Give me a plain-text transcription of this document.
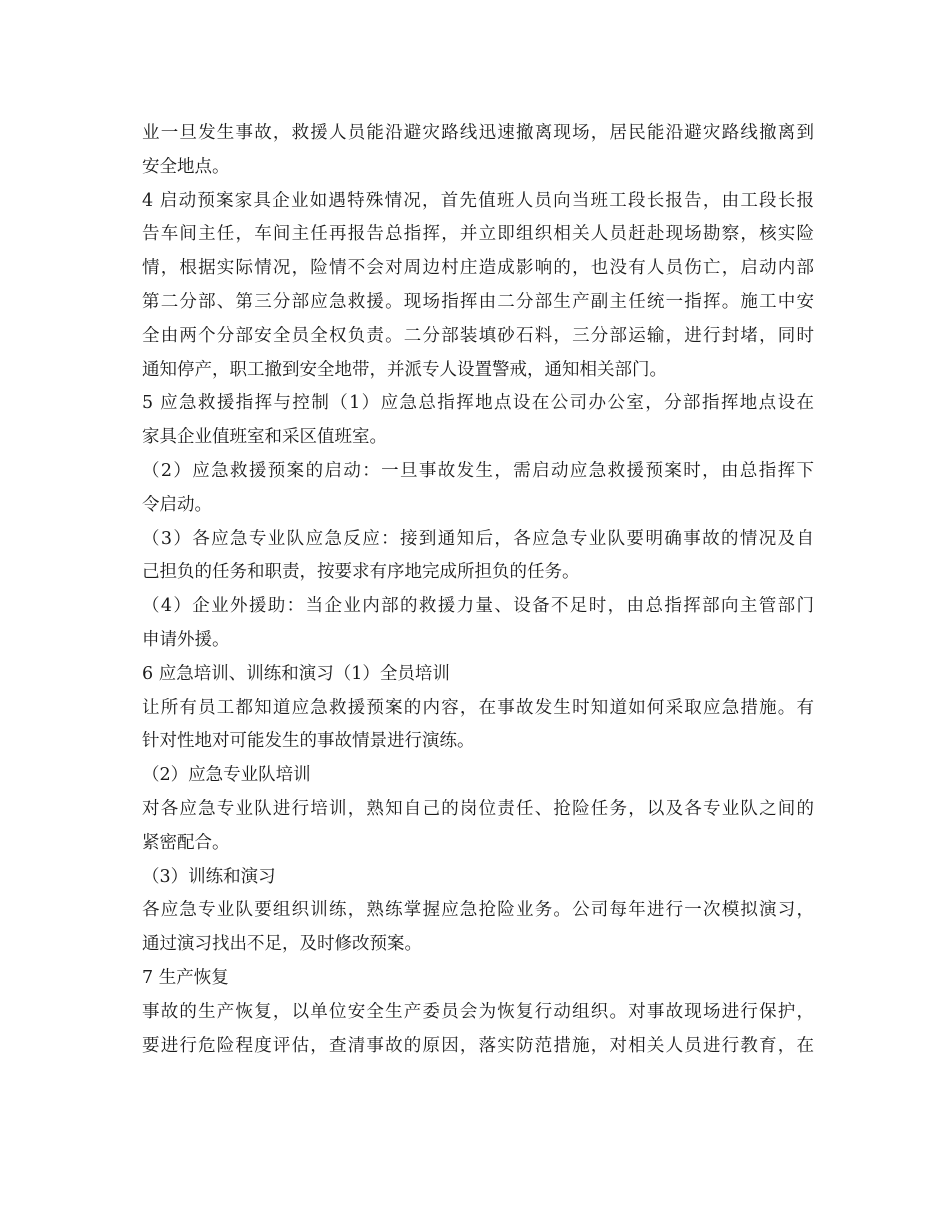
业一旦发生事故，救援人员能沿避灾路线迅速撤离现场，居民能沿避灾路线撤离到
安全地点。
4 启动预案家具企业如遇特殊情况，首先值班人员向当班工段长报告，由工段长报
告车间主任，车间主任再报告总指挥，并立即组织相关人员赶赴现场勘察，核实险
情，根据实际情况，险情不会对周边村庄造成影响的，也没有人员伤亡，启动内部
第二分部、第三分部应急救援。现场指挥由二分部生产副主任统一指挥。施工中安
全由两个分部安全员全权负责。二分部装填砂石料，三分部运输，进行封堵，同时
通知停产，职工撤到安全地带，并派专人设置警戒，通知相关部门。
5 应急救援指挥与控制（1）应急总指挥地点设在公司办公室，分部指挥地点设在
家具企业值班室和采区值班室。
（2）应急救援预案的启动：一旦事故发生，需启动应急救援预案时，由总指挥下
令启动。
（3）各应急专业队应急反应：接到通知后，各应急专业队要明确事故的情况及自
己担负的任务和职责，按要求有序地完成所担负的任务。
（4）企业外援助：当企业内部的救援力量、设备不足时，由总指挥部向主管部门
申请外援。
6 应急培训、训练和演习（1）全员培训
让所有员工都知道应急救援预案的内容，在事故发生时知道如何采取应急措施。有
针对性地对可能发生的事故情景进行演练。
（2）应急专业队培训
对各应急专业队进行培训，熟知自己的岗位责任、抢险任务，以及各专业队之间的
紧密配合。
（3）训练和演习
各应急专业队要组织训练，熟练掌握应急抢险业务。公司每年进行一次模拟演习，
通过演习找出不足，及时修改预案。
7 生产恢复
事故的生产恢复，以单位安全生产委员会为恢复行动组织。对事故现场进行保护，
要进行危险程度评估，查清事故的原因，落实防范措施，对相关人员进行教育，在
